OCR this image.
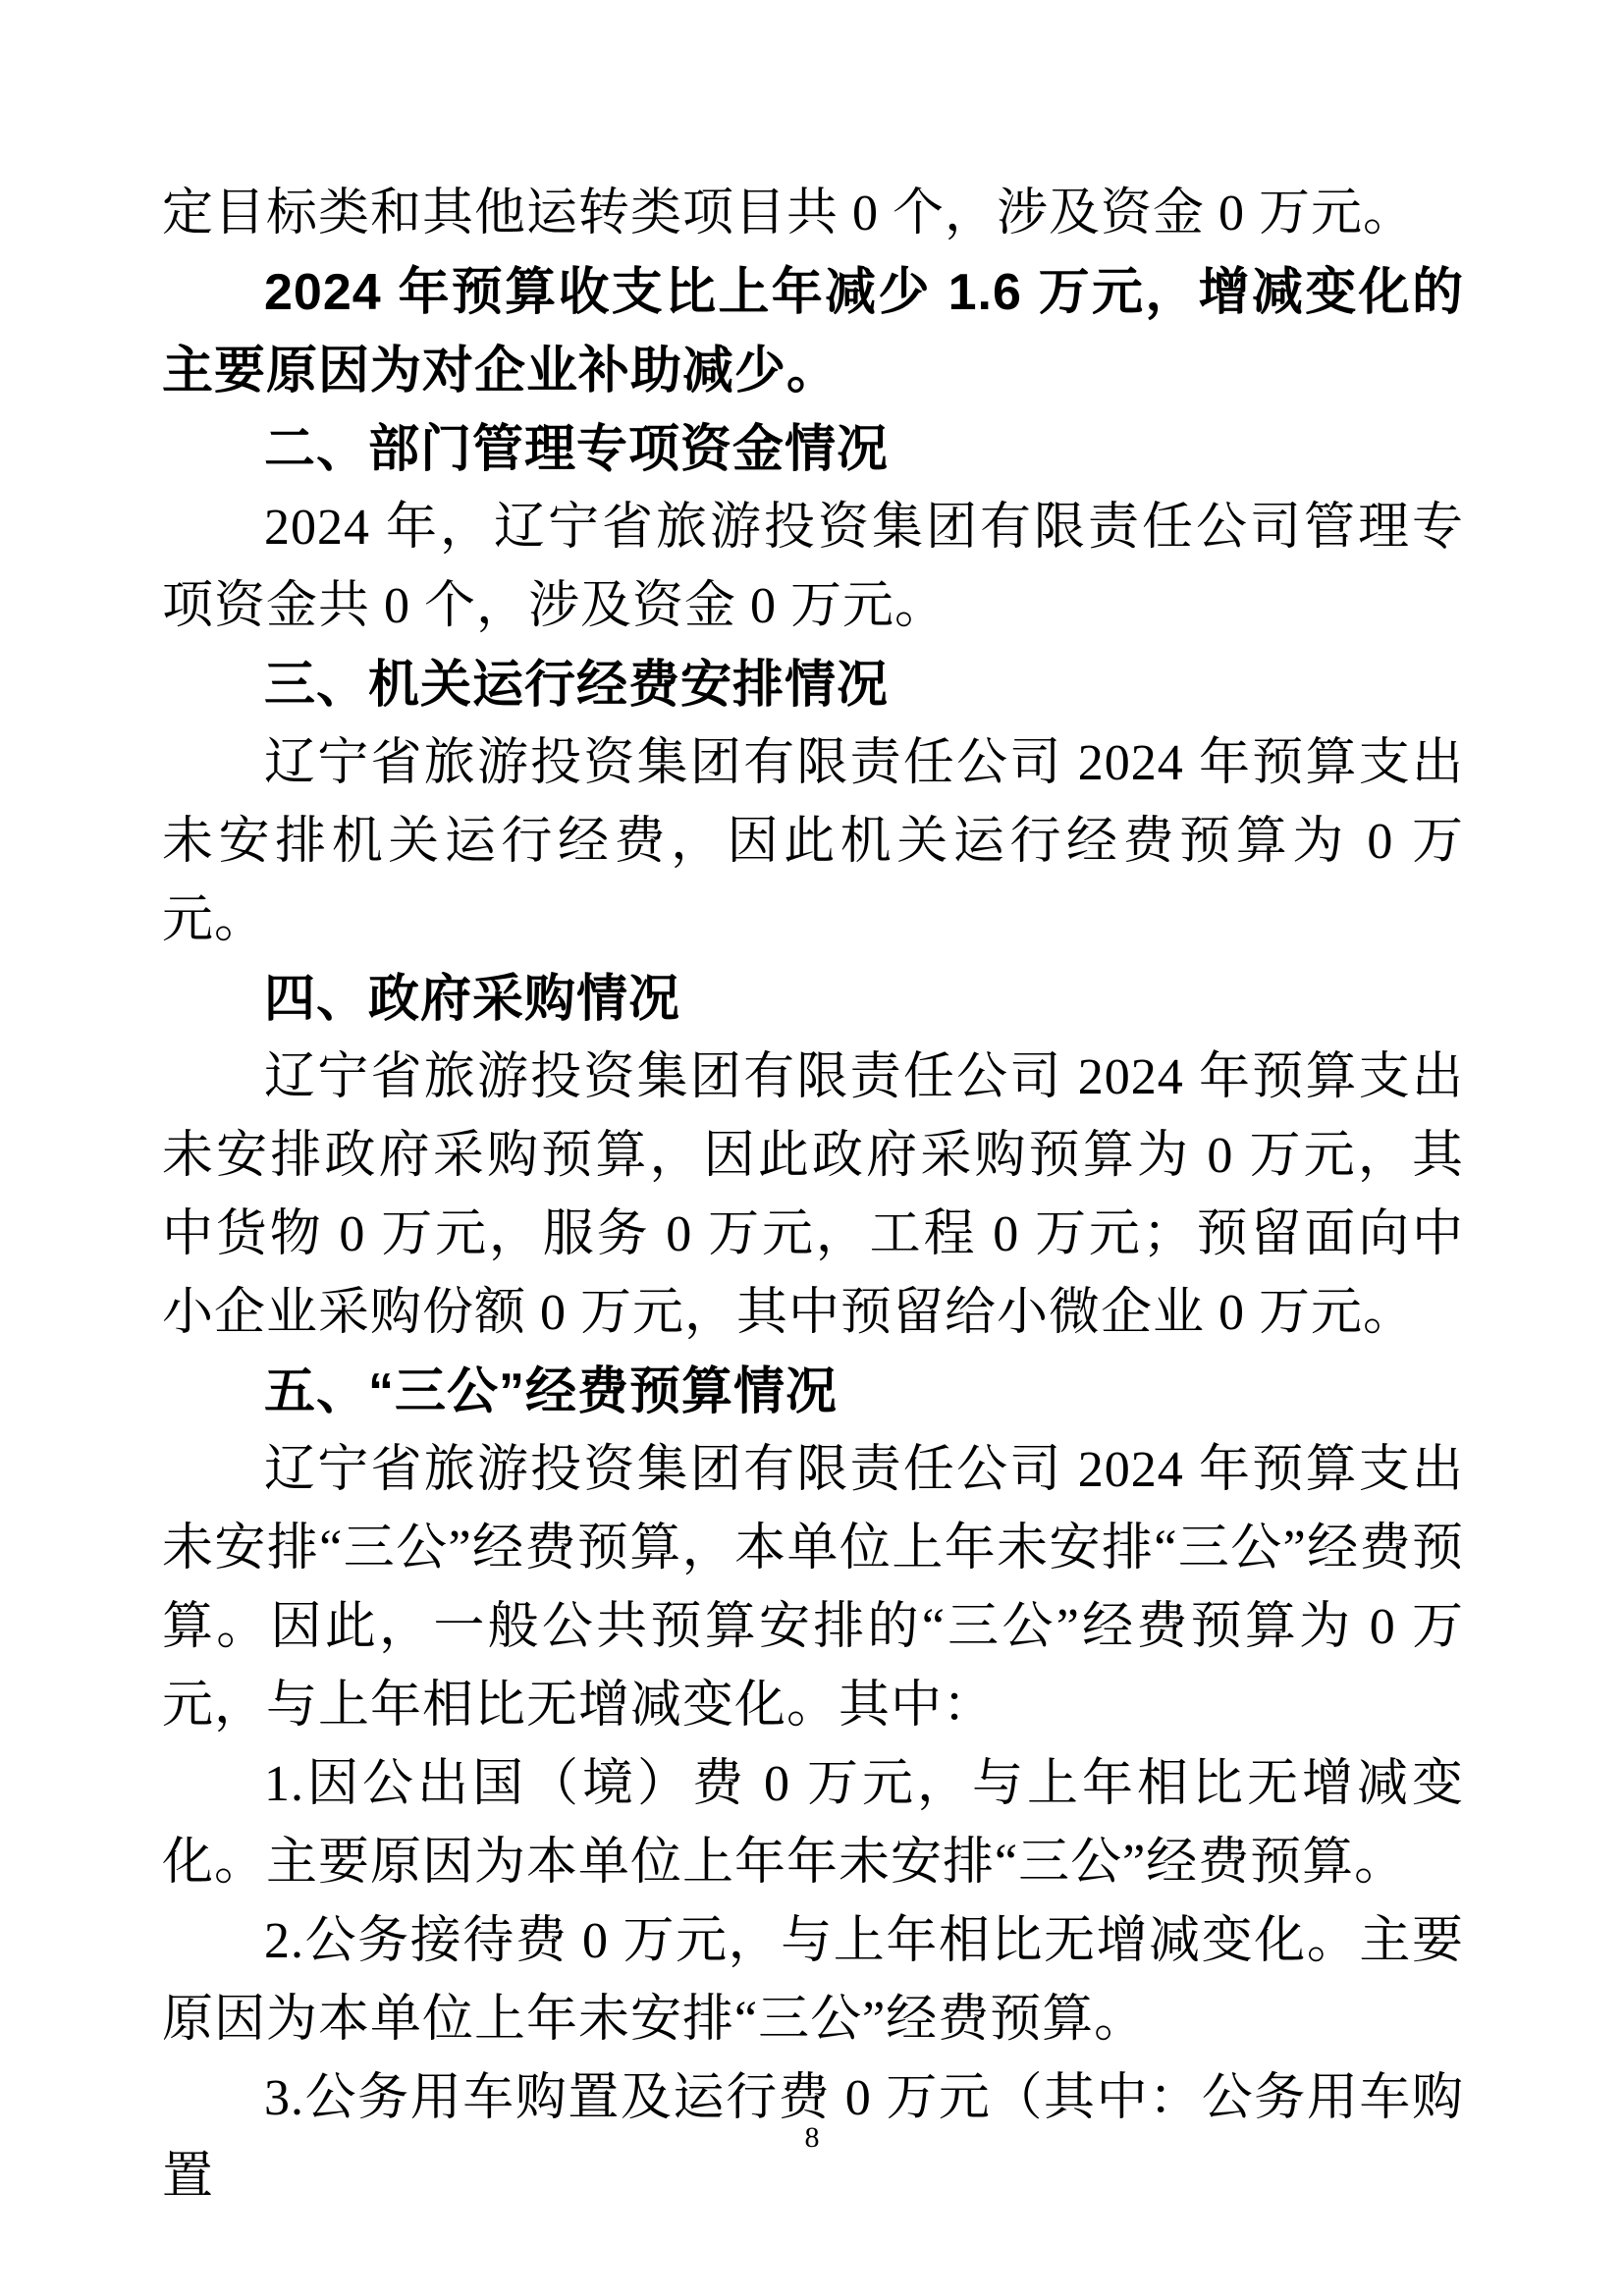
定目标类和其他运转类项目共 0 个，涉及资金 0 万元。

2024 年预算收支比上年减少 1.6 万元，增减变化的主要原因为对企业补助减少。

二、部门管理专项资金情况

2024 年，辽宁省旅游投资集团有限责任公司管理专项资金共 0 个，涉及资金 0 万元。

三、机关运行经费安排情况

辽宁省旅游投资集团有限责任公司 2024 年预算支出未安排机关运行经费，因此机关运行经费预算为 0 万元。

四、政府采购情况

辽宁省旅游投资集团有限责任公司 2024 年预算支出未安排政府采购预算，因此政府采购预算为 0 万元，其中货物 0 万元，服务 0 万元，工程 0 万元；预留面向中小企业采购份额 0 万元，其中预留给小微企业 0 万元。

五、“三公”经费预算情况

辽宁省旅游投资集团有限责任公司 2024 年预算支出未安排“三公”经费预算，本单位上年未安排“三公”经费预算。因此，一般公共预算安排的“三公”经费预算为 0 万元，与上年相比无增减变化。其中：

1.因公出国（境）费 0 万元，与上年相比无增减变化。主要原因为本单位上年年未安排“三公”经费预算。

2.公务接待费 0 万元，与上年相比无增减变化。主要原因为本单位上年未安排“三公”经费预算。

3.公务用车购置及运行费 0 万元（其中：公务用车购置

8
